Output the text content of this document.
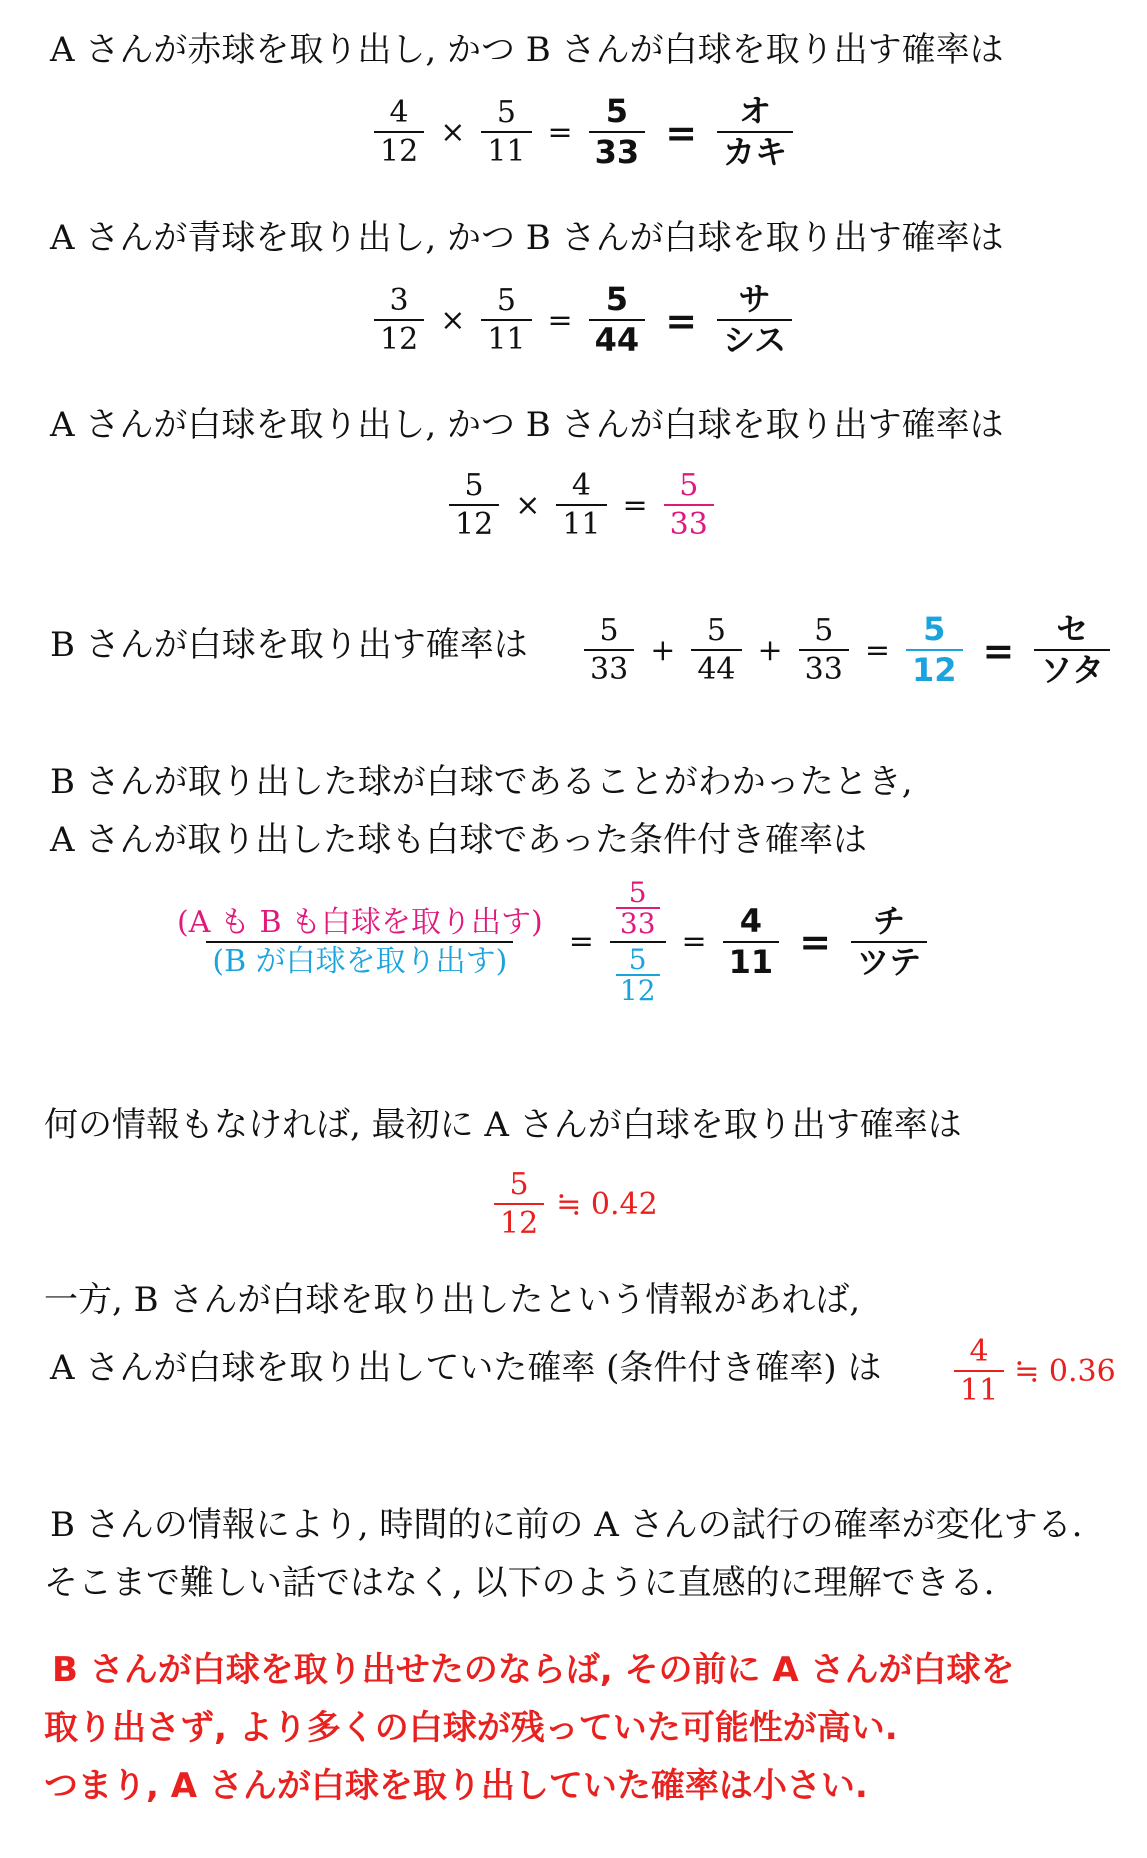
A さんが赤球を取り出し, かつ B さんが白球を取り出す確率は
$\frac{4}{12} \times \frac{5}{11} = \frac{5}{33} = \frac{\text{オ}}{\text{カキ}}$
A さんが青球を取り出し, かつ B さんが白球を取り出す確率は
$\frac{3}{12} \times \frac{5}{11} = \frac{5}{44} = \frac{\text{サ}}{\text{シス}}$
A さんが白球を取り出し, かつ B さんが白球を取り出す確率は
$\frac{5}{12} \times \frac{4}{11} = \frac{5}{33}$
B さんが白球を取り出す確率は $\frac{5}{33} + \frac{5}{44} + \frac{5}{33} = \frac{5}{12} = \frac{\text{セ}}{\text{ソタ}}$
B さんが取り出した球が白球であることがわかったとき,
A さんが取り出した球も白球であった条件付き確率は
$\frac{\text{(A も B も白球を取り出す)}}{\text{(B が白球を取り出す)}} = 5$
33
5
$12 = \frac{4}{11} = \frac{\text{チ}}{\text{ツテ}}$
何の情報もなければ, 最初に A さんが白球を取り出す確率は
$\frac{5}{12}$ ≒ 0.42
一方, B さんが白球を取り出したという情報があれば,
A さんが白球を取り出していた確率 (条件付き確率) は $\frac{4}{11}$ ≒ 0.36
B さんの情報により, 時間的に前の A さんの試行の確率が変化する.
そこまで難しい話ではなく, 以下のように直感的に理解できる.
B さんが白球を取り出せたのならば, その前に A さんが白球を
取り出さず, より多くの白球が残っていた可能性が高い.
つまり, A さんが白球を取り出していた確率は小さい.
